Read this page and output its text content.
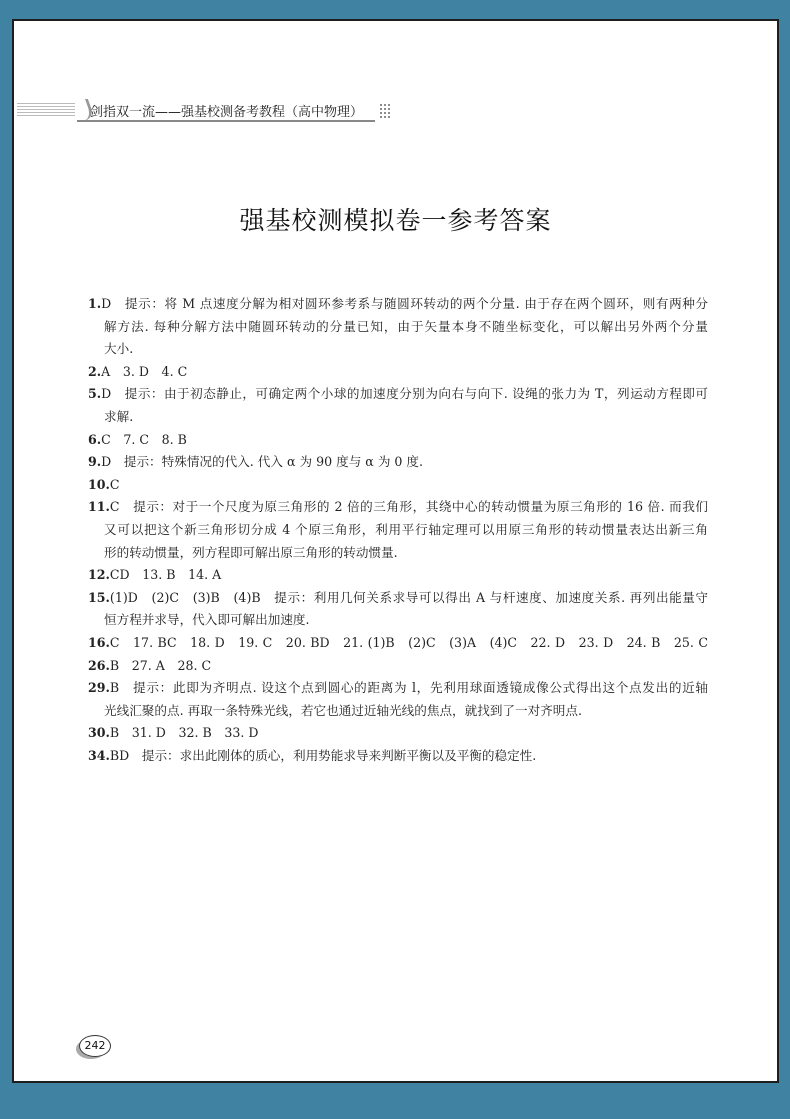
剑指双一流——强基校测备考教程（高中物理）
强基校测模拟卷一参考答案
1.D　提示：将 M 点速度分解为相对圆环参考系与随圆环转动的两个分量. 由于存在两个圆环，则有两种分
解方法. 每种分解方法中随圆环转动的分量已知，由于矢量本身不随坐标变化，可以解出另外两个分量
大小.
2.A　3. D　4. C
5.D　提示：由于初态静止，可确定两个小球的加速度分别为向右与向下. 设绳的张力为 T，列运动方程即可
求解.
6.C　7. C　8. B
9.D　提示：特殊情况的代入. 代入 α 为 90 度与 α 为 0 度.
10.C
11.C　提示：对于一个尺度为原三角形的 2 倍的三角形，其绕中心的转动惯量为原三角形的 16 倍. 而我们
又可以把这个新三角形切分成 4 个原三角形，利用平行轴定理可以用原三角形的转动惯量表达出新三角
形的转动惯量，列方程即可解出原三角形的转动惯量.
12.CD　13. B　14. A
15.(1)D　(2)C　(3)B　(4)B　提示：利用几何关系求导可以得出 A 与杆速度、加速度关系. 再列出能量守
恒方程并求导，代入即可解出加速度.
16.C　17. BC　18. D　19. C　20. BD　21. (1)B　(2)C　(3)A　(4)C　22. D　23. D　24. B　25. C
26.B　27. A　28. C
29.B　提示：此即为齐明点. 设这个点到圆心的距离为 l，先利用球面透镜成像公式得出这个点发出的近轴
光线汇聚的点. 再取一条特殊光线，若它也通过近轴光线的焦点，就找到了一对齐明点.
30.B　31. D　32. B　33. D
34.BD　提示：求出此刚体的质心，利用势能求导来判断平衡以及平衡的稳定性.
242
